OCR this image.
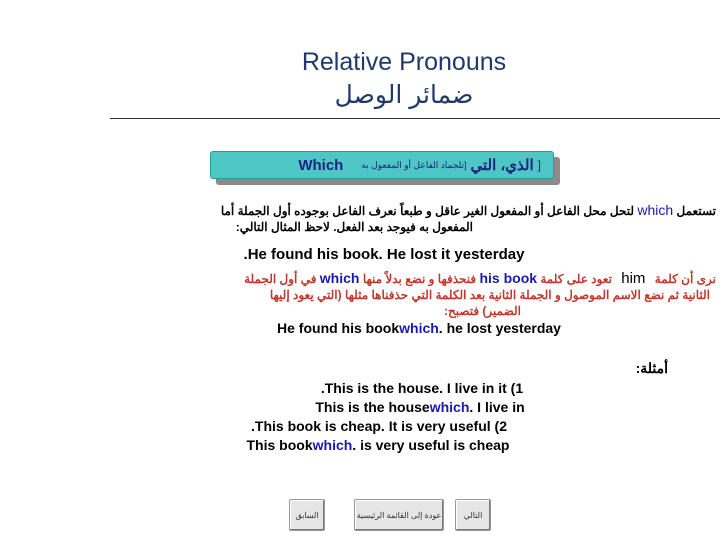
Relative Pronouns
ضمائر الوصل
[
الذي، التي
[تلجماد الفاعل أو المفعول به
Which
تستعمل which لتحل محل الفاعل أو المفعول الغير عاقل و طبعاً نعرف الفاعل بوجوده أول الجملة أما
المفعول به فيوجد بعد الفعل. لاحظ المثال التالي:
.He found his book. He lost it yesterday
نرى أن كلمة him تعود على كلمة his book فنحذفها و نضع بدلاً منها which في أول الجملة
الثانية ثم نضع الاسم الموصول و الجملة الثانية بعد الكلمة التي حذفناها مثلها (التي يعود إليها
الضمير) فتصبح:
He found his bookwhich. he lost yesterday
أمثلة:
.This is the house. I live in it (1
This is the housewhich. I live in
.This book is cheap. It is very useful (2
This bookwhich. is very useful is cheap
السابق	عودة إلى القائمة الرئيسية	التالي
